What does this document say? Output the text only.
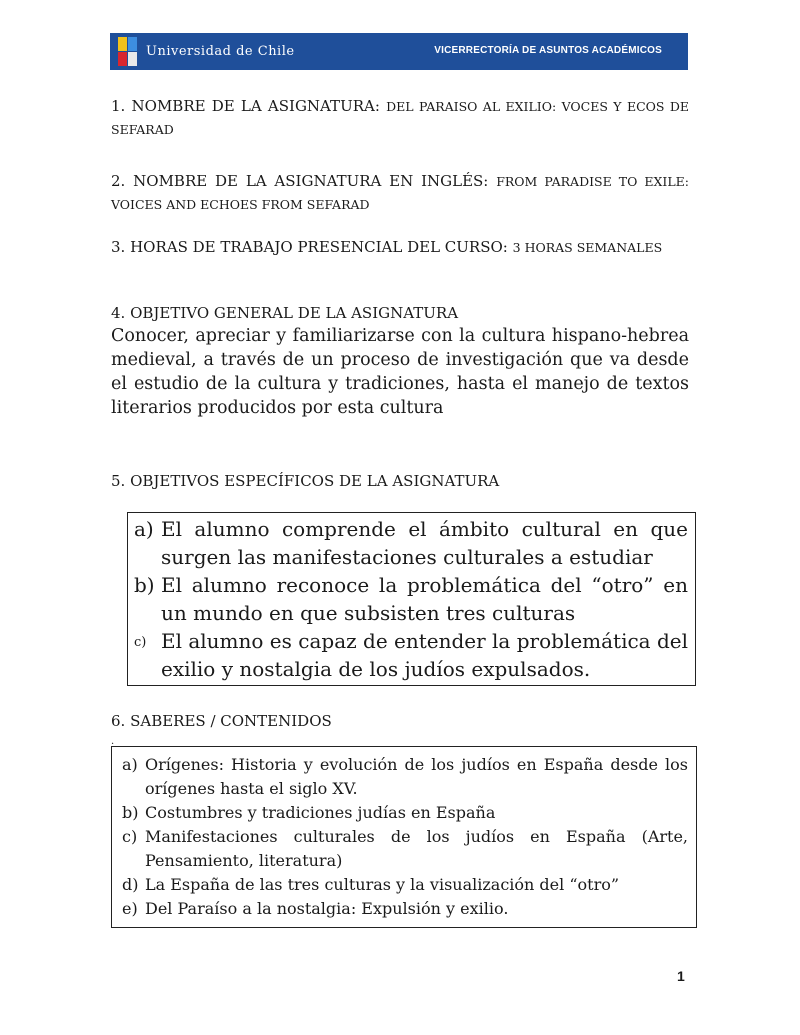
Universidad de Chile	VICERRECTORÍA DE ASUNTOS ACADÉMICOS

1. NOMBRE DE LA ASIGNATURA: DEL PARAISO AL EXILIO: VOCES Y ECOS DE SEFARAD

2. NOMBRE DE LA ASIGNATURA EN INGLÉS: FROM PARADISE TO EXILE: VOICES AND ECHOES FROM SEFARAD

3. HORAS DE TRABAJO PRESENCIAL DEL CURSO: 3 HORAS SEMANALES

4. OBJETIVO GENERAL DE LA ASIGNATURA

Conocer, apreciar y familiarizarse con la cultura hispano-hebrea medieval, a través de un proceso de investigación que va desde el estudio de la cultura y tradiciones, hasta el manejo de textos literarios producidos por esta cultura

5. OBJETIVOS ESPECÍFICOS DE LA ASIGNATURA

a) El alumno comprende el ámbito cultural en que surgen las manifestaciones culturales a estudiar
b) El alumno reconoce la problemática del “otro” en un mundo en que subsisten tres culturas
c) El alumno es capaz de entender la problemática del exilio y nostalgia de los judíos expulsados.

6. SABERES / CONTENIDOS

.
a) Orígenes: Historia y evolución de los judíos en España desde los orígenes hasta el siglo XV.
b) Costumbres y tradiciones judías en España
c) Manifestaciones culturales de los judíos en España (Arte, Pensamiento, literatura)
d) La España de las tres culturas y la visualización del “otro”
e) Del Paraíso a la nostalgia: Expulsión y exilio.
1
